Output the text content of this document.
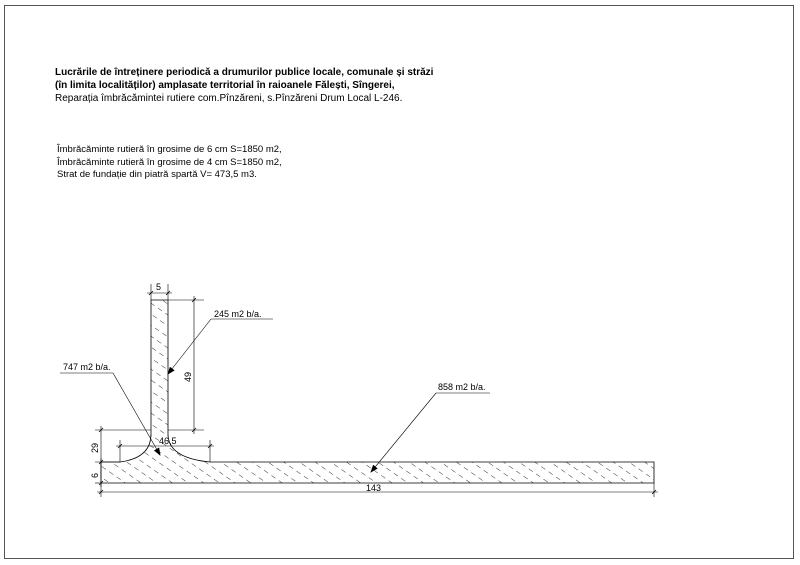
Lucrările de întreținere periodică a drumurilor publice locale, comunale și străzi
(în limita localităților) amplasate territorial în raioanele Fălești, Sîngerei,
Reparația îmbrăcămintei rutiere com.Pînzăreni, s.Pînzăreni Drum Local L-246.
Îmbrăcăminte rutieră în grosime de 6 cm S=1850 m2,
Îmbrăcăminte rutieră în grosime de 4 cm S=1850 m2,
Strat de fundație din piatră spartă V= 473,5 m3.
5
49
46,5
29
6
143
245 m2 b/a.
747 m2 b/a.
858 m2 b/a.
